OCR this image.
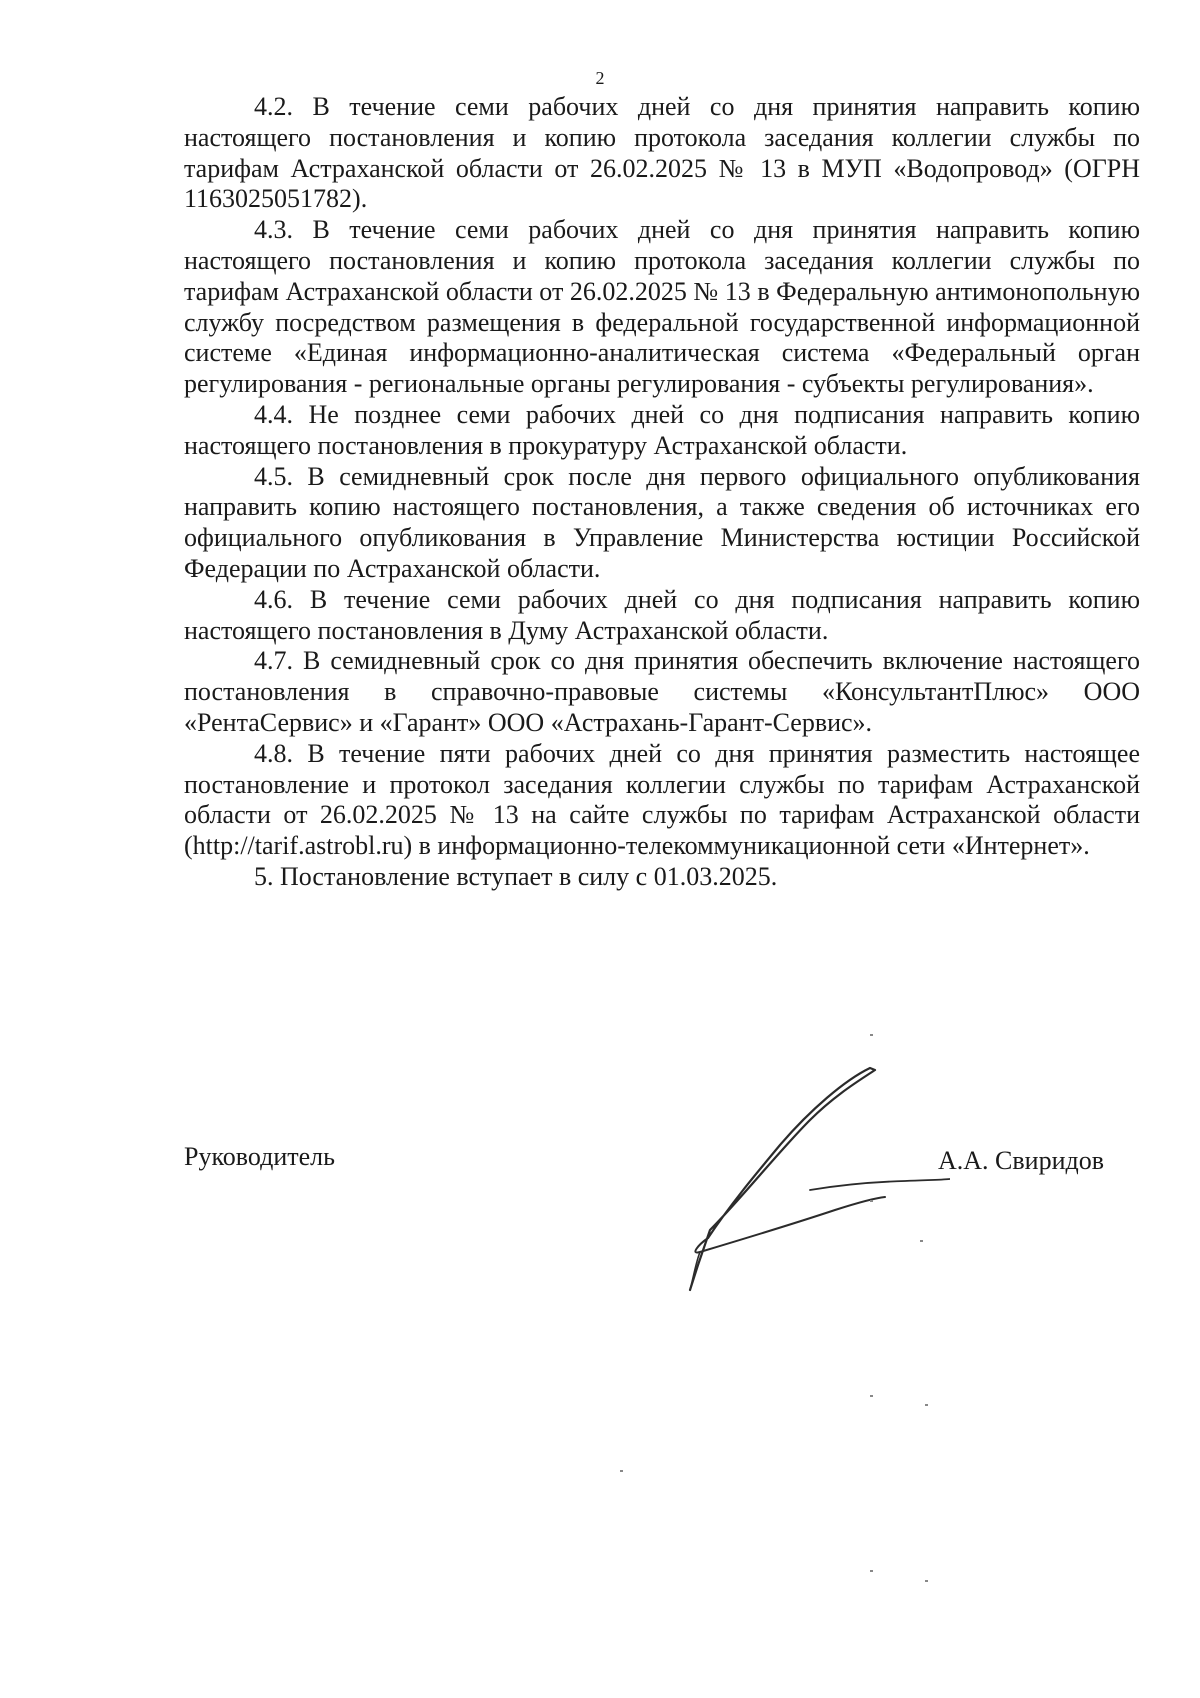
2

4.2. В течение семи рабочих дней со дня принятия направить копию настоящего постановления и копию протокола заседания коллегии службы по тарифам Астраханской области от 26.02.2025 № 13 в МУП «Водопровод» (ОГРН 1163025051782).

4.3. В течение семи рабочих дней со дня принятия направить копию настоящего постановления и копию протокола заседания коллегии службы по тарифам Астраханской области от 26.02.2025 № 13 в Федеральную антимонопольную службу посредством размещения в федеральной государственной информационной системе «Единая информационно-аналитическая система «Федеральный орган регулирования - региональные органы регулирования - субъекты регулирования».

4.4. Не позднее семи рабочих дней со дня подписания направить копию настоящего постановления в прокуратуру Астраханской области.

4.5. В семидневный срок после дня первого официального опубликования направить копию настоящего постановления, а также сведения об источниках его официального опубликования в Управление Министерства юстиции Российской Федерации по Астраханской области.

4.6. В течение семи рабочих дней со дня подписания направить копию настоящего постановления в Думу Астраханской области.

4.7. В семидневный срок со дня принятия обеспечить включение настоящего постановления в справочно-правовые системы «КонсультантПлюс» ООО «РентаСервис» и «Гарант» ООО «Астрахань-Гарант-Сервис».

4.8. В течение пяти рабочих дней со дня принятия разместить настоящее постановление и протокол заседания коллегии службы по тарифам Астраханской области от 26.02.2025 № 13 на сайте службы по тарифам Астраханской области (http://tarif.astrobl.ru) в информационно-телекоммуникационной сети «Интернет».

5. Постановление вступает в силу с 01.03.2025.

Руководитель	А.А. Свиридов
